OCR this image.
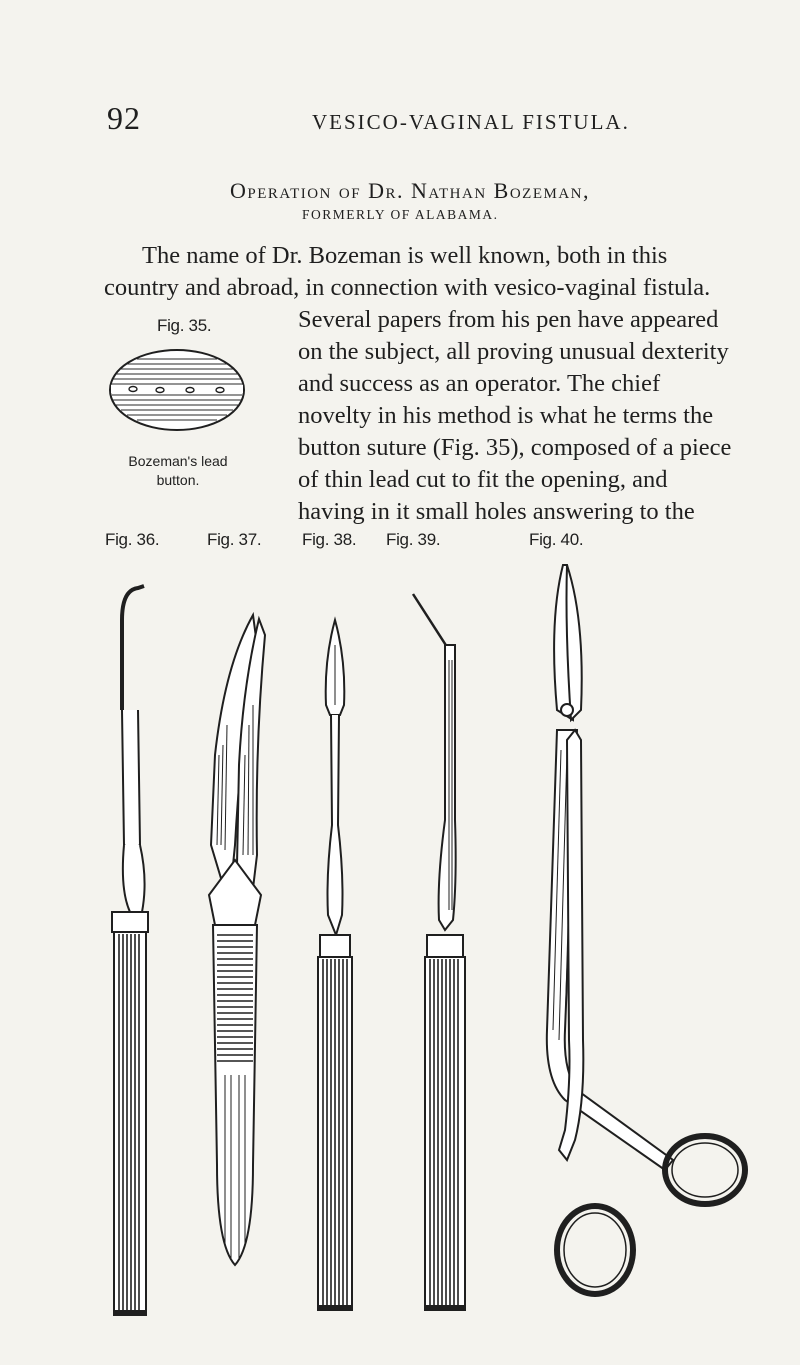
92	VESICO-VAGINAL FISTULA.
Operation of Dr. Nathan Bozeman,
FORMERLY OF ALABAMA.
The name of Dr. Bozeman is well known, both in this
country and abroad, in connection with vesico-vaginal fistula.
Several papers from his pen have appeared
on the subject, all proving unusual dexterity
and success as an operator. The chief
novelty in his method is what he terms the
button suture (Fig. 35), composed of a piece
of thin lead cut to fit the opening, and
having in it small holes answering to the
Fig. 35.
Bozeman's lead button.
Fig. 36.	Fig. 37. Fig. 38. Fig. 39.	Fig. 40.
